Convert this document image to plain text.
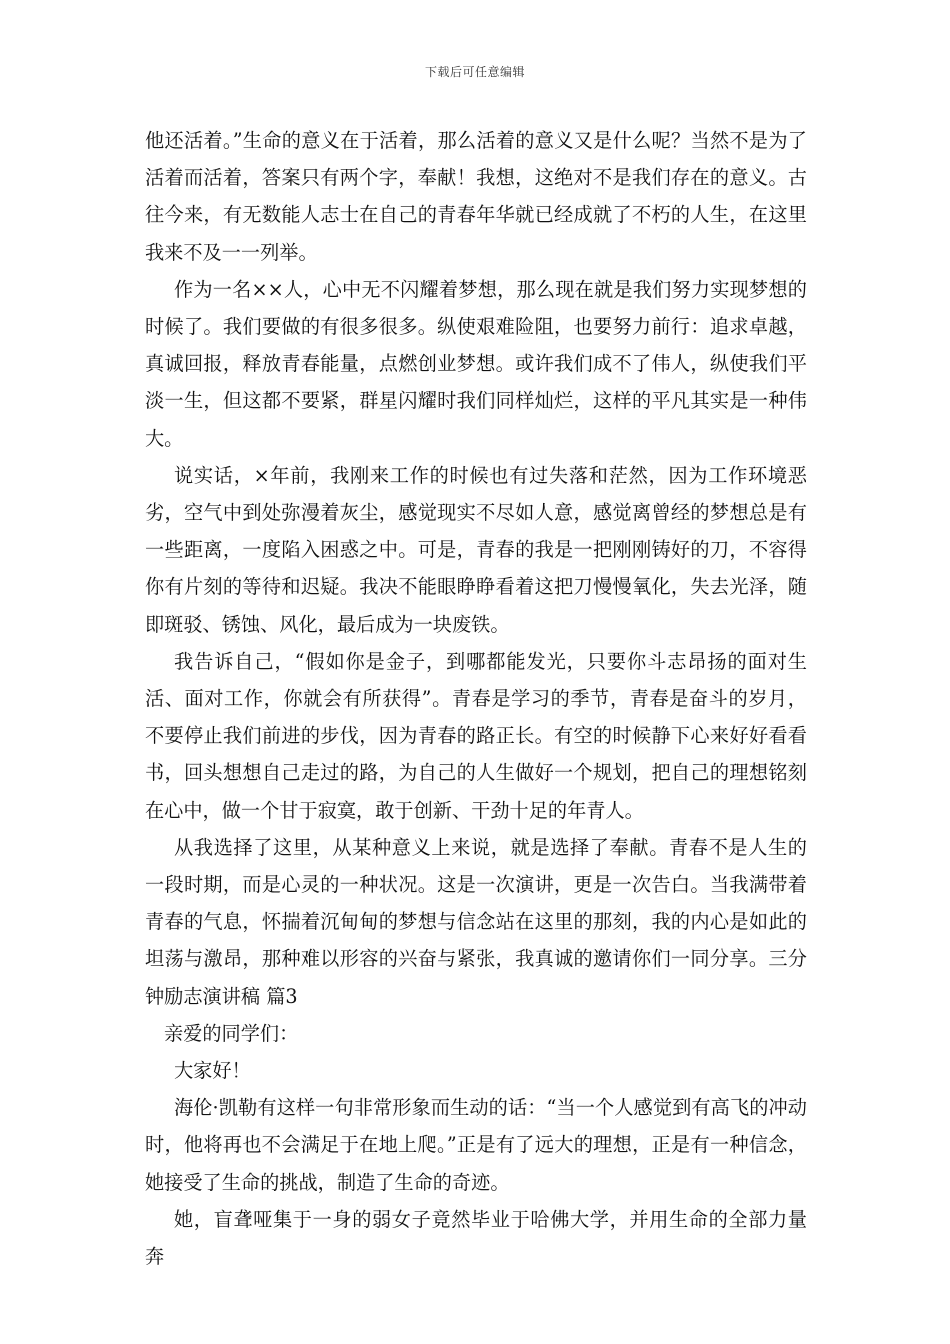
下载后可任意编辑

他还活着。”生命的意义在于活着，那么活着的意义又是什么呢？当然不是为了活着而活着，答案只有两个字，奉献！我想，这绝对不是我们存在的意义。古往今来，有无数能人志士在自己的青春年华就已经成就了不朽的人生，在这里我来不及一一列举。

作为一名××人，心中无不闪耀着梦想，那么现在就是我们努力实现梦想的时候了。我们要做的有很多很多。纵使艰难险阻，也要努力前行：追求卓越，真诚回报，释放青春能量，点燃创业梦想。或许我们成不了伟人，纵使我们平淡一生，但这都不要紧，群星闪耀时我们同样灿烂，这样的平凡其实是一种伟大。

说实话，×年前，我刚来工作的时候也有过失落和茫然，因为工作环境恶劣，空气中到处弥漫着灰尘，感觉现实不尽如人意，感觉离曾经的梦想总是有一些距离，一度陷入困惑之中。可是，青春的我是一把刚刚铸好的刀，不容得你有片刻的等待和迟疑。我决不能眼睁睁看着这把刀慢慢氧化，失去光泽，随即斑驳、锈蚀、风化，最后成为一块废铁。

我告诉自己，“假如你是金子，到哪都能发光，只要你斗志昂扬的面对生活、面对工作，你就会有所获得”。青春是学习的季节，青春是奋斗的岁月，不要停止我们前进的步伐，因为青春的路正长。有空的时候静下心来好好看看书，回头想想自己走过的路，为自己的人生做好一个规划，把自己的理想铭刻在心中，做一个甘于寂寞，敢于创新、干劲十足的年青人。

从我选择了这里，从某种意义上来说，就是选择了奉献。青春不是人生的一段时期，而是心灵的一种状况。这是一次演讲，更是一次告白。当我满带着青春的气息，怀揣着沉甸甸的梦想与信念站在这里的那刻，我的内心是如此的坦荡与激昂，那种难以形容的兴奋与紧张，我真诚的邀请你们一同分享。三分钟励志演讲稿 篇3

亲爱的同学们：

大家好！

海伦·凯勒有这样一句非常形象而生动的话：“当一个人感觉到有高飞的冲动时，他将再也不会满足于在地上爬。”正是有了远大的理想，正是有一种信念，她接受了生命的挑战，制造了生命的奇迹。

她，盲聋哑集于一身的弱女子竟然毕业于哈佛大学，并用生命的全部力量奔
